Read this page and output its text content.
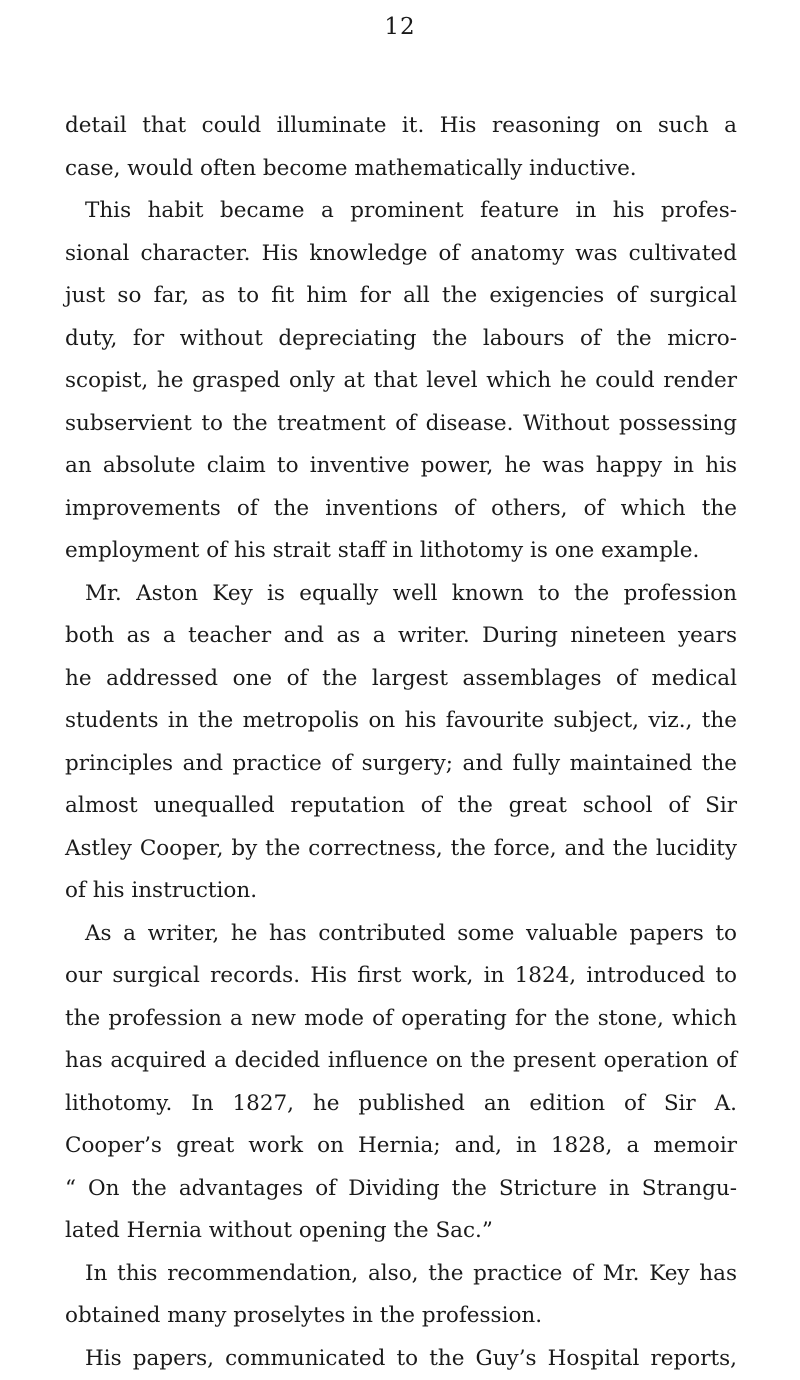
12
detail that could illuminate it. His reasoning on such a
case, would often become mathematically inductive.
This habit became a prominent feature in his profes-
sional character. His knowledge of anatomy was cultivated
just so far, as to fit him for all the exigencies of surgical
duty, for without depreciating the labours of the micro-
scopist, he grasped only at that level which he could render
subservient to the treatment of disease. Without possessing
an absolute claim to inventive power, he was happy in his
improvements of the inventions of others, of which the
employment of his strait staff in lithotomy is one example.
Mr. Aston Key is equally well known to the profession
both as a teacher and as a writer. During nineteen years
he addressed one of the largest assemblages of medical
students in the metropolis on his favourite subject, viz., the
principles and practice of surgery; and fully maintained the
almost unequalled reputation of the great school of Sir
Astley Cooper, by the correctness, the force, and the lucidity
of his instruction.
As a writer, he has contributed some valuable papers to
our surgical records. His first work, in 1824, introduced to
the profession a new mode of operating for the stone, which
has acquired a decided influence on the present operation of
lithotomy. In 1827, he published an edition of Sir A.
Cooper’s great work on Hernia; and, in 1828, a memoir
“ On the advantages of Dividing the Stricture in Strangu-
lated Hernia without opening the Sac.”
In this recommendation, also, the practice of Mr. Key has
obtained many proselytes in the profession.
His papers, communicated to the Guy’s Hospital reports,
